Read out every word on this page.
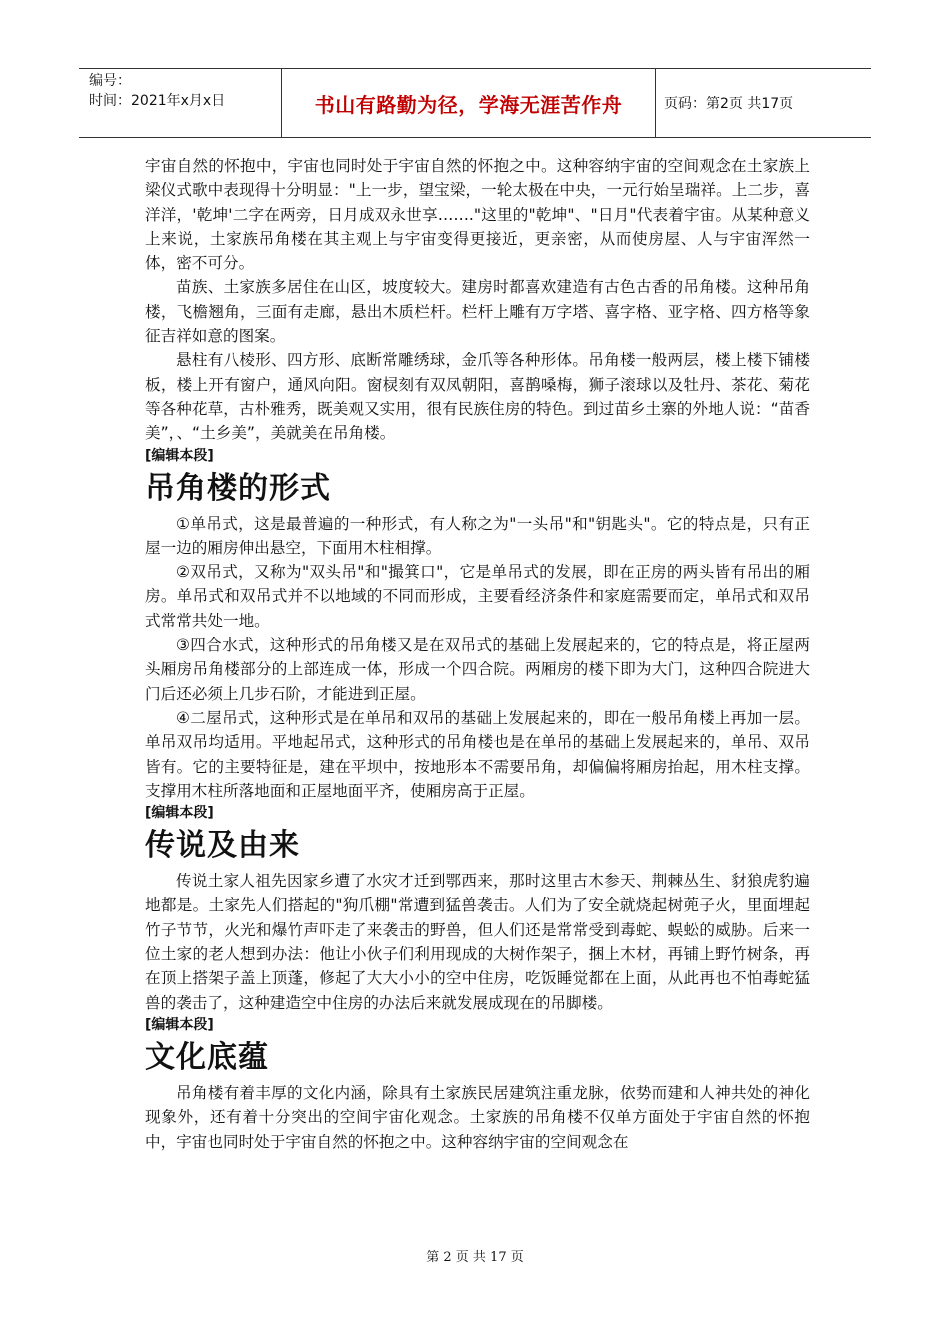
编号：
时间：2021年x月x日	书山有路勤为径，学海无涯苦作舟	页码：第2页 共17页

宇宙自然的怀抱中，宇宙也同时处于宇宙自然的怀抱之中。这种容纳宇宙的空间观念在土家族上梁仪式歌中表现得十分明显："上一步，望宝梁，一轮太极在中央，一元行始呈瑞祥。上二步，喜洋洋，'乾坤'二字在两旁，日月成双永世享……."这里的"乾坤"、"日月"代表着宇宙。从某种意义上来说，土家族吊角楼在其主观上与宇宙变得更接近，更亲密，从而使房屋、人与宇宙浑然一体，密不可分。

苗族、土家族多居住在山区，坡度较大。建房时都喜欢建造有古色古香的吊角楼。这种吊角楼，飞檐翘角，三面有走廊，悬出木质栏杆。栏杆上雕有万字塔、喜字格、亚字格、四方格等象征吉祥如意的图案。

悬柱有八棱形、四方形、底断常雕绣球，金爪等各种形体。吊角楼一般两层，楼上楼下铺楼板，楼上开有窗户，通风向阳。窗棂刻有双凤朝阳，喜鹊嗓梅，狮子滚球以及牡丹、茶花、菊花等各种花草，古朴雅秀，既美观又实用，很有民族住房的特色。到过苗乡土寨的外地人说：“苗香美”，、“土乡美”，美就美在吊角楼。

[编辑本段]

吊角楼的形式

①单吊式，这是最普遍的一种形式，有人称之为"一头吊"和"钥匙头"。它的特点是，只有正屋一边的厢房伸出悬空，下面用木柱相撑。

②双吊式，又称为"双头吊"和"撮箕口"，它是单吊式的发展，即在正房的两头皆有吊出的厢房。单吊式和双吊式并不以地域的不同而形成，主要看经济条件和家庭需要而定，单吊式和双吊式常常共处一地。

③四合水式，这种形式的吊角楼又是在双吊式的基础上发展起来的，它的特点是，将正屋两头厢房吊角楼部分的上部连成一体，形成一个四合院。两厢房的楼下即为大门，这种四合院进大门后还必须上几步石阶，才能进到正屋。

④二屋吊式，这种形式是在单吊和双吊的基础上发展起来的，即在一般吊角楼上再加一层。单吊双吊均适用。平地起吊式，这种形式的吊角楼也是在单吊的基础上发展起来的，单吊、双吊皆有。它的主要特征是，建在平坝中，按地形本不需要吊角，却偏偏将厢房抬起，用木柱支撑。支撑用木柱所落地面和正屋地面平齐，使厢房高于正屋。

[编辑本段]

传说及由来

传说土家人祖先因家乡遭了水灾才迁到鄂西来，那时这里古木参天、荆棘丛生、豺狼虎豹遍地都是。土家先人们搭起的"狗爪棚"常遭到猛兽袭击。人们为了安全就烧起树蔸子火，里面埋起竹子节节，火光和爆竹声吓走了来袭击的野兽，但人们还是常常受到毒蛇、蜈蚣的威胁。后来一位土家的老人想到办法：他让小伙子们利用现成的大树作架子，捆上木材，再铺上野竹树条，再在顶上搭架子盖上顶蓬，修起了大大小小的空中住房，吃饭睡觉都在上面，从此再也不怕毒蛇猛兽的袭击了，这种建造空中住房的办法后来就发展成现在的吊脚楼。

[编辑本段]

文化底蕴

吊角楼有着丰厚的文化内涵，除具有土家族民居建筑注重龙脉，依势而建和人神共处的神化现象外，还有着十分突出的空间宇宙化观念。土家族的吊角楼不仅单方面处于宇宙自然的怀抱中，宇宙也同时处于宇宙自然的怀抱之中。这种容纳宇宙的空间观念在

第 2 页 共 17 页
